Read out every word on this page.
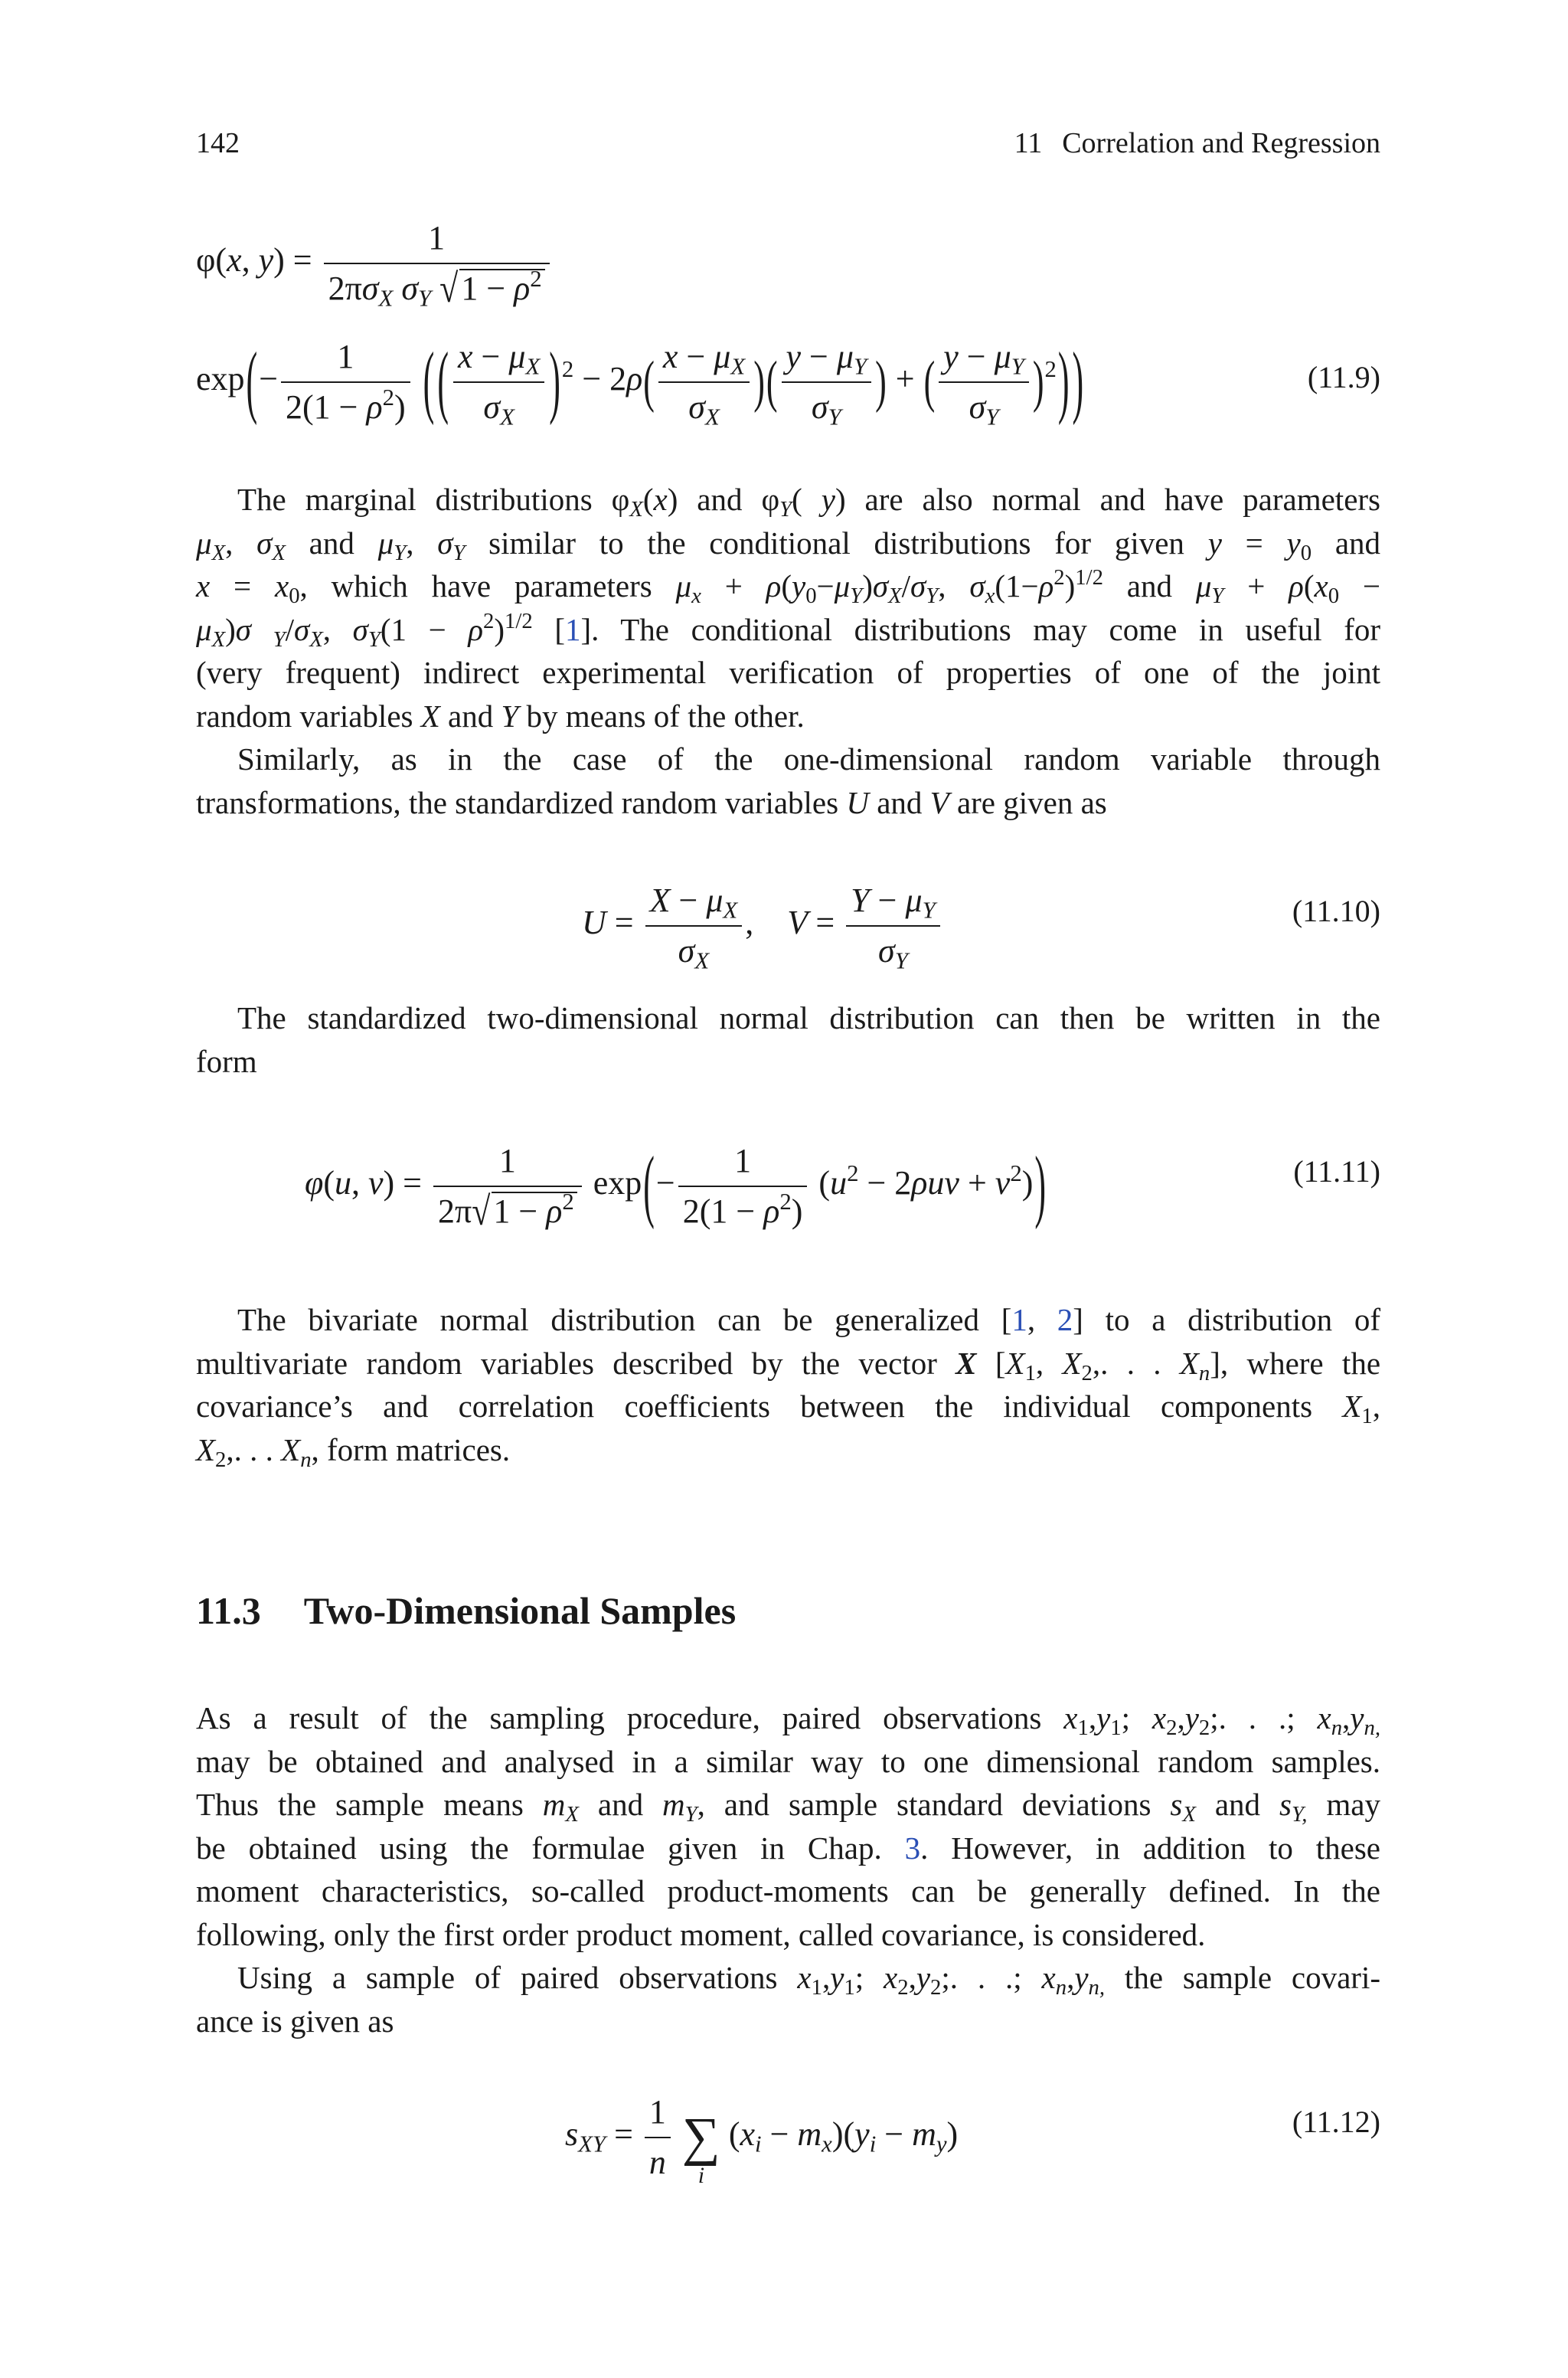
142	11 Correlation and Regression
φ(x, $y) = \frac{1}{2\pi\sigma_X \sigma_Y √1 - \rho^2}$
$\exp(- \frac{1}{2(1 - \rho^2)}$ (( $\frac{x - \mu_X}{\sigma_X} )^2 - 2\rho( \frac{x - \mu_X}{\sigma_X}$ )( $\frac{y - \mu_Y}{\sigma_Y}$ ) + ( $\frac{y - \mu_Y}{\sigma_Y} )^2$))	(11.9)
The marginal distributions $\varphi_X(x)$ and $\varphi_Y$( y) are also normal and have parameters
$\mu_X$, $\sigma_X$ and $\mu_Y$, $\sigma_Y$ similar to the conditional distributions for given $y = y_0$ and
$x = x_0$, which have parameters $\mu_x + \rho(y_0-\mu_Y)\sigma_X/\sigma_Y$, $\sigma_x(1-\rho^2)^{1/2}$ and $\mu_Y + \rho(x_0$ −
$\mu_X)\sigma$ $_Y/\sigma_X$, $\sigma_Y(1 - \rho^2)^{1/2}$ [1]. The conditional distributions may come in useful for
(very frequent) indirect experimental verification of properties of one of the joint
random variables X and Y by means of the other.
Similarly, as in the case of the one-dimensional random variable through
transformations, the standardized random variables U and V are given as
$U = \frac{X - \mu_X}{\sigma_X}$ ,    $V = \frac{Y - \mu_Y}{\sigma_Y}$	(11.10)
The standardized two-dimensional normal distribution can then be written in the
form
φ(u, $v) = \frac{1}{2\pi√1 - \rho^2} \exp(- \frac{1}{2(1 - \rho^2)} (u^2 - 2\rho uv + v^2))$	(11.11)
The bivariate normal distribution can be generalized [1, 2] to a distribution of
multivariate random variables described by the vector X [$X_1$, $X_2$,. . . $X_n$], where the
covariance’s and correlation coefficients between the individual components $X_1$,
$X_2$,. . . $X_n$, form matrices.
11.3 Two-Dimensional Samples
As a result of the sampling procedure, paired observations $x_1,y_1$; $x_2,y_2$;. . .; $x_n,y_{n,}$
may be obtained and analysed in a similar way to one dimensional random samples.
Thus the sample means $m_X$ and $m_Y$, and sample standard deviations $s_X$ and $s_{Y,}$ may
be obtained using the formulae given in Chap. 3. However, in addition to these
moment characteristics, so-called product-moments can be generally defined. In the
following, only the first order product moment, called covariance, is considered.
Using a sample of paired observations $x_1,y_1$; $x_2,y_2$;. . .; $x_n,y_{n,}$ the sample covari-
ance is given as
$s_{XY} = \frac{1}{n}$ ∑
i
$(x_i - m_x)(y_i - m_y)$	(11.12)
